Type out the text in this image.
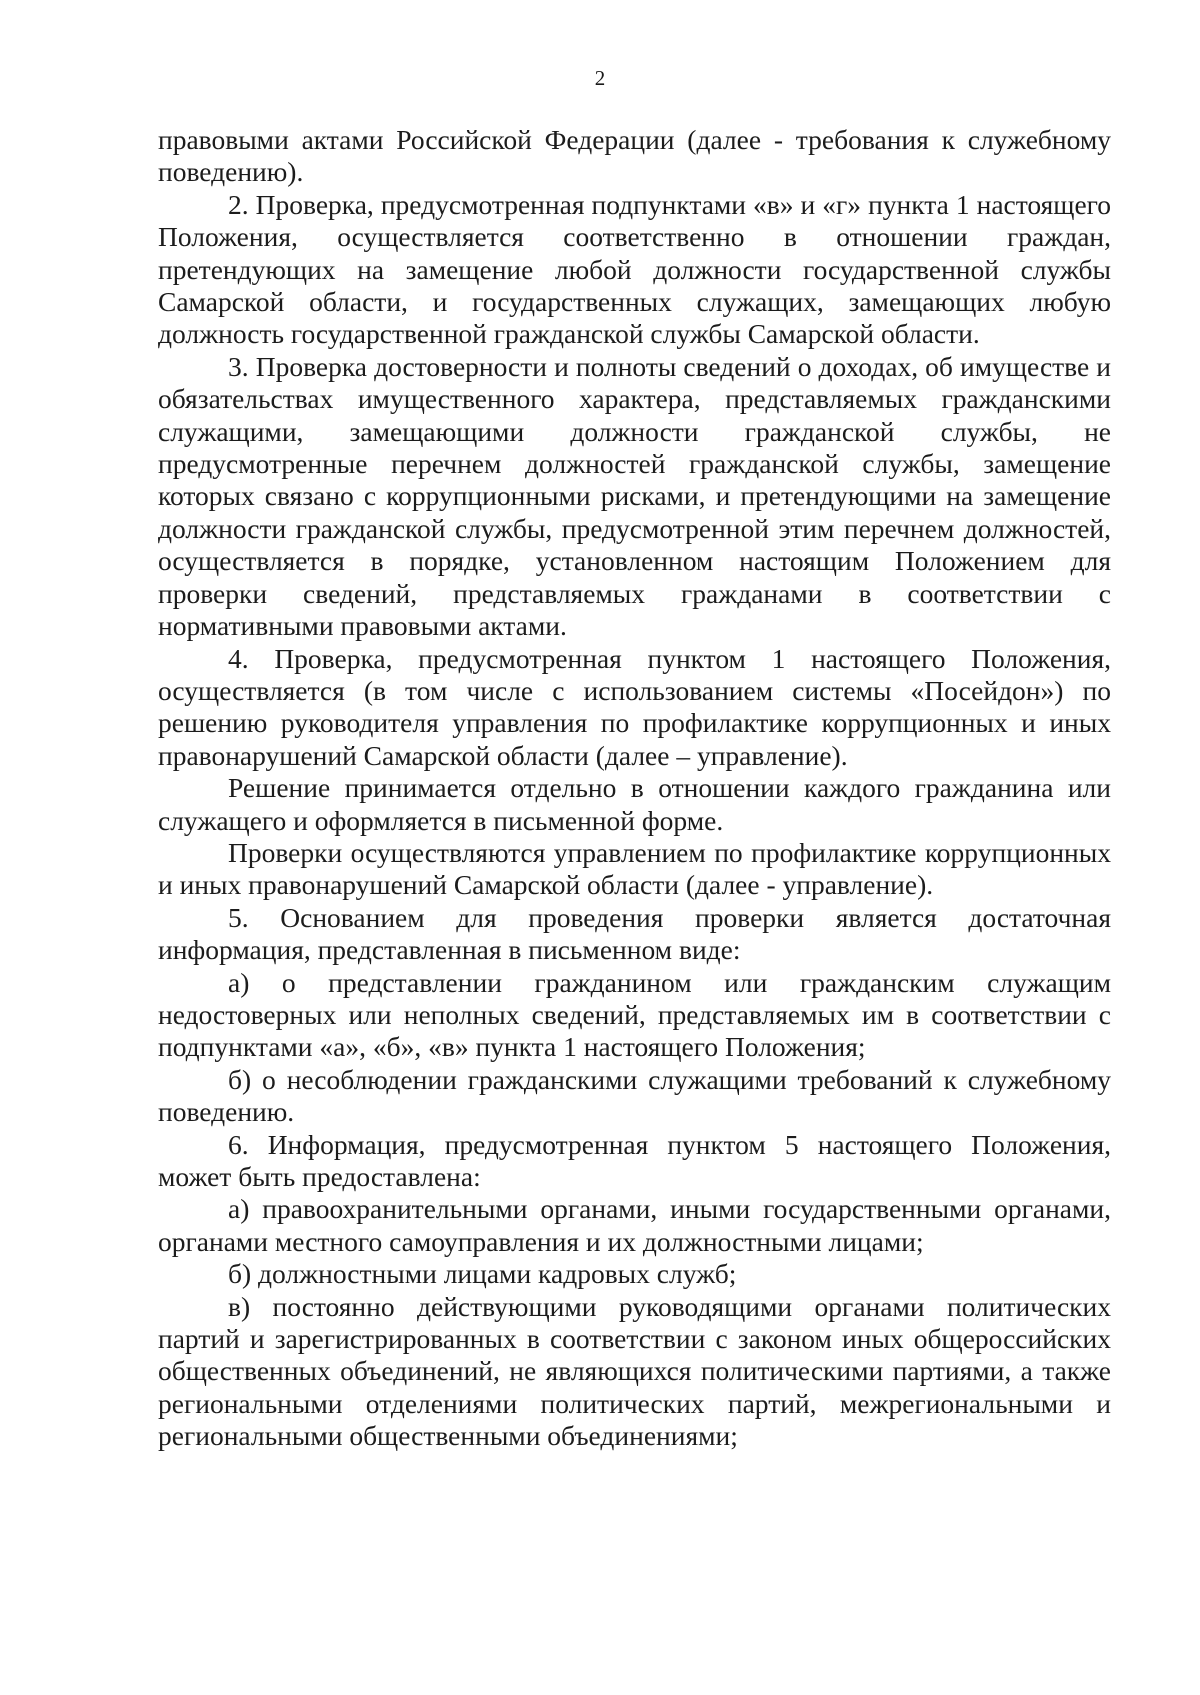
2

правовыми актами Российской Федерации (далее - требования к служебному поведению).

2. Проверка, предусмотренная подпунктами «в» и «г» пункта 1 настоящего Положения, осуществляется соответственно в отношении граждан, претендующих на замещение любой должности государственной службы Самарской области, и государственных служащих, замещающих любую должность государственной гражданской службы Самарской области.

3. Проверка достоверности и полноты сведений о доходах, об имуществе и обязательствах имущественного характера, представляемых гражданскими служащими, замещающими должности гражданской службы, не предусмотренные перечнем должностей гражданской службы, замещение которых связано с коррупционными рисками, и претендующими на замещение должности гражданской службы, предусмотренной этим перечнем должностей, осуществляется в порядке, установленном настоящим Положением для проверки сведений, представляемых гражданами в соответствии с нормативными правовыми актами.

4. Проверка, предусмотренная пунктом 1 настоящего Положения, осуществляется (в том числе с использованием системы «Посейдон») по решению руководителя управления по профилактике коррупционных и иных правонарушений Самарской области (далее – управление).

Решение принимается отдельно в отношении каждого гражданина или служащего и оформляется в письменной форме.

Проверки осуществляются управлением по профилактике коррупционных и иных правонарушений Самарской области (далее - управление).

5. Основанием для проведения проверки является достаточная информация, представленная в письменном виде:

а) о представлении гражданином или гражданским служащим недостоверных или неполных сведений, представляемых им в соответствии с подпунктами «а», «б», «в» пункта 1 настоящего Положения;

б) о несоблюдении гражданскими служащими требований к служебному поведению.

6. Информация, предусмотренная пунктом 5 настоящего Положения, может быть предоставлена:

а) правоохранительными органами, иными государственными органами, органами местного самоуправления и их должностными лицами;

б) должностными лицами кадровых служб;

в) постоянно действующими руководящими органами политических партий и зарегистрированных в соответствии с законом иных общероссийских общественных объединений, не являющихся политическими партиями, а также региональными отделениями политических партий, межрегиональными и региональными общественными объединениями;
